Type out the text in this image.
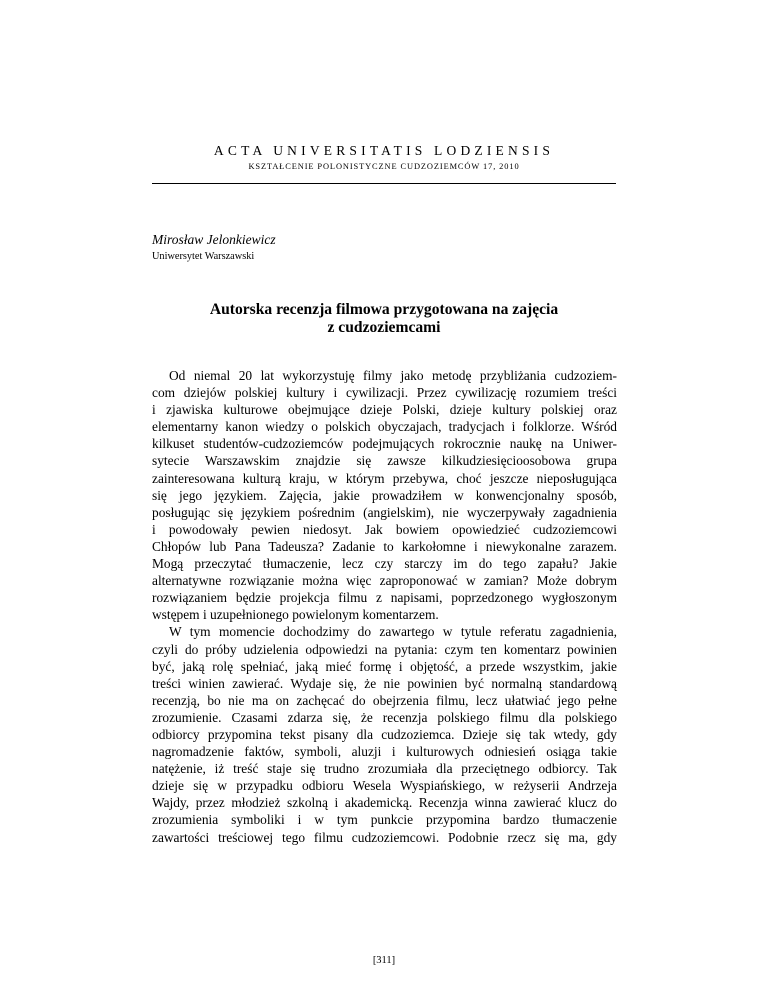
ACTA UNIVERSITATIS LODZIENSIS
KSZTAŁCENIE POLONISTYCZNE CUDZOZIEMCÓW 17, 2010
Mirosław Jelonkiewicz
Uniwersytet Warszawski
Autorska recenzja filmowa przygotowana na zajęcia
z cudzoziemcami
Od niemal 20 lat wykorzystuję filmy jako metodę przybliżania cudzoziem-
com dziejów polskiej kultury i cywilizacji. Przez cywilizację rozumiem treści
i zjawiska kulturowe obejmujące dzieje Polski, dzieje kultury polskiej oraz
elementarny kanon wiedzy o polskich obyczajach, tradycjach i folklorze. Wśród
kilkuset studentów-cudzoziemców podejmujących rokrocznie naukę na Uniwer-
sytecie Warszawskim znajdzie się zawsze kilkudziesięcioosobowa grupa
zainteresowana kulturą kraju, w którym przebywa, choć jeszcze nieposługująca
się jego językiem. Zajęcia, jakie prowadziłem w konwencjonalny sposób,
posługując się językiem pośrednim (angielskim), nie wyczerpywały zagadnienia
i powodowały pewien niedosyt. Jak bowiem opowiedzieć cudzoziemcowi
Chłopów lub Pana Tadeusza? Zadanie to karkołomne i niewykonalne zarazem.
Mogą przeczytać tłumaczenie, lecz czy starczy im do tego zapału? Jakie
alternatywne rozwiązanie można więc zaproponować w zamian? Może dobrym
rozwiązaniem będzie projekcja filmu z napisami, poprzedzonego wygłoszonym
wstępem i uzupełnionego powielonym komentarzem.
W tym momencie dochodzimy do zawartego w tytule referatu zagadnienia,
czyli do próby udzielenia odpowiedzi na pytania: czym ten komentarz powinien
być, jaką rolę spełniać, jaką mieć formę i objętość, a przede wszystkim, jakie
treści winien zawierać. Wydaje się, że nie powinien być normalną standardową
recenzją, bo nie ma on zachęcać do obejrzenia filmu, lecz ułatwiać jego pełne
zrozumienie. Czasami zdarza się, że recenzja polskiego filmu dla polskiego
odbiorcy przypomina tekst pisany dla cudzoziemca. Dzieje się tak wtedy, gdy
nagromadzenie faktów, symboli, aluzji i kulturowych odniesień osiąga takie
natężenie, iż treść staje się trudno zrozumiała dla przeciętnego odbiorcy. Tak
dzieje się w przypadku odbioru Wesela Wyspiańskiego, w reżyserii Andrzeja
Wajdy, przez młodzież szkolną i akademicką. Recenzja winna zawierać klucz do
zrozumienia symboliki i w tym punkcie przypomina bardzo tłumaczenie
zawartości treściowej tego filmu cudzoziemcowi. Podobnie rzecz się ma, gdy
[311]
